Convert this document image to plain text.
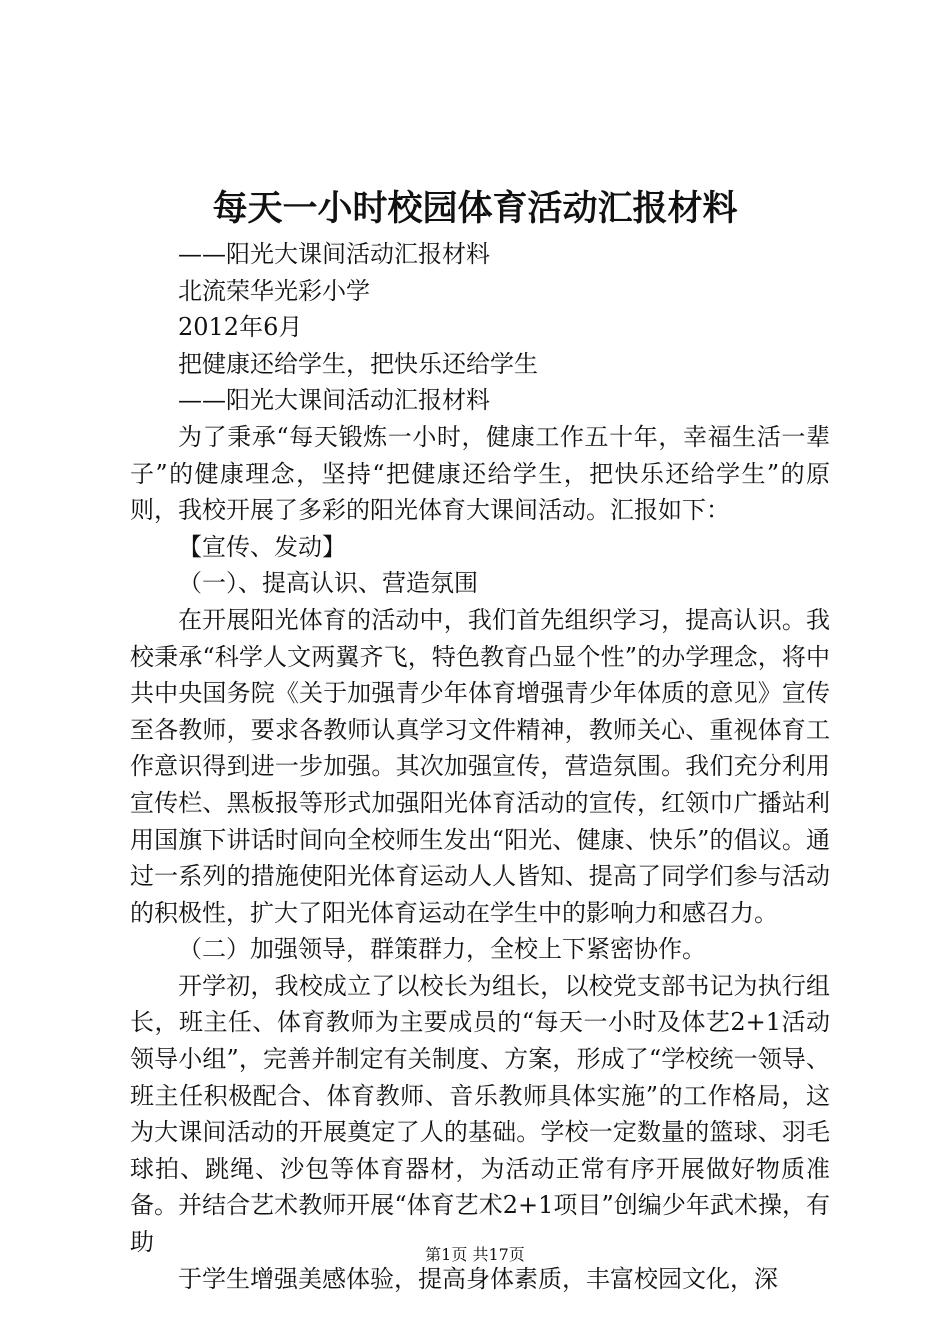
每天一小时校园体育活动汇报材料

——阳光大课间活动汇报材料

北流荣华光彩小学

2012年6月

把健康还给学生，把快乐还给学生

——阳光大课间活动汇报材料

为了秉承“每天锻炼一小时，健康工作五十年，幸福生活一辈子”的健康理念，坚持“把健康还给学生，把快乐还给学生”的原则，我校开展了多彩的阳光体育大课间活动。汇报如下：

【宣传、发动】

（一）、提高认识、营造氛围

在开展阳光体育的活动中，我们首先组织学习，提高认识。我校秉承“科学人文两翼齐飞，特色教育凸显个性”的办学理念，将中共中央国务院《关于加强青少年体育增强青少年体质的意见》宣传至各教师，要求各教师认真学习文件精神，教师关心、重视体育工作意识得到进一步加强。其次加强宣传，营造氛围。我们充分利用宣传栏、黑板报等形式加强阳光体育活动的宣传，红领巾广播站利用国旗下讲话时间向全校师生发出“阳光、健康、快乐”的倡议。通过一系列的措施使阳光体育运动人人皆知、提高了同学们参与活动的积极性，扩大了阳光体育运动在学生中的影响力和感召力。

（二）加强领导，群策群力，全校上下紧密协作。

开学初，我校成立了以校长为组长，以校党支部书记为执行组长，班主任、体育教师为主要成员的“每天一小时及体艺2+1活动领导小组”，完善并制定有关制度、方案，形成了“学校统一领导、班主任积极配合、体育教师、音乐教师具体实施”的工作格局，这为大课间活动的开展奠定了人的基础。学校一定数量的篮球、羽毛球拍、跳绳、沙包等体育器材，为活动正常有序开展做好物质准备。并结合艺术教师开展“体育艺术2+1项目”创编少年武术操，有助

于学生增强美感体验，提高身体素质，丰富校园文化，深

第1页 共17页
